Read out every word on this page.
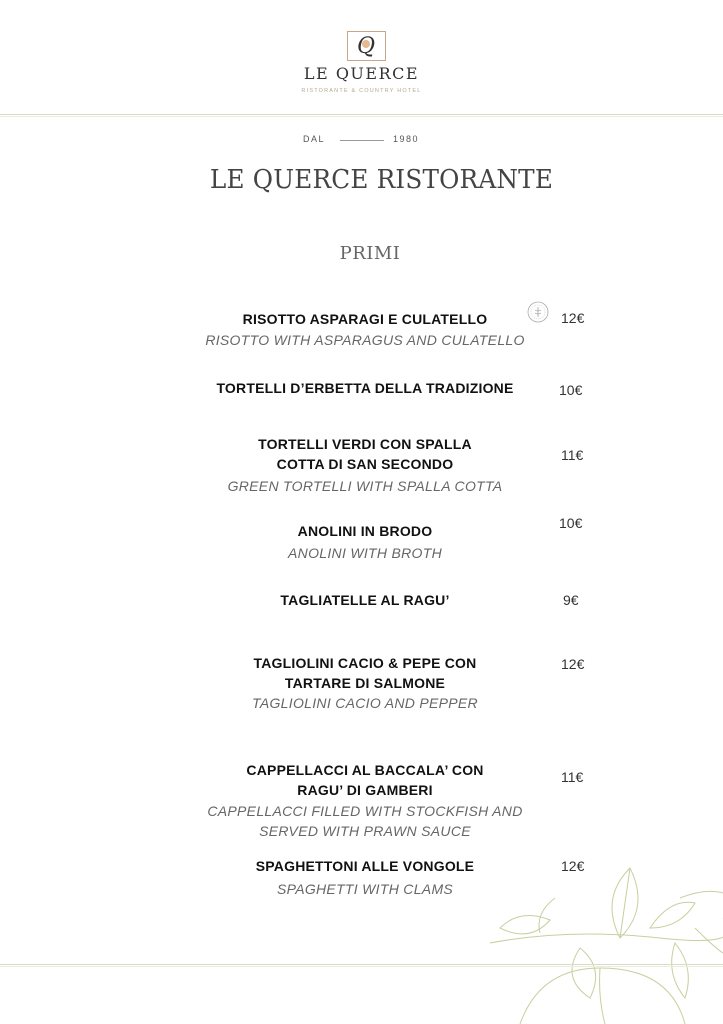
Q
LE QUERCE
RISTORANTE & COUNTRY HOTEL
DAL	1980
LE QUERCE RISTORANTE
PRIMI
RISOTTO ASPARAGI E CULATELLO
RISOTTO WITH ASPARAGUS AND CULATELLO
12€
TORTELLI D’ERBETTA DELLA TRADIZIONE	10€
TORTELLI VERDI CON SPALLA
COTTA DI SAN SECONDO
GREEN TORTELLI WITH SPALLA COTTA
11€
ANOLINI IN BRODO
ANOLINI WITH BROTH
10€
TAGLIATELLE AL RAGU’	9€
TAGLIOLINI CACIO & PEPE CON
TARTARE DI SALMONE
TAGLIOLINI CACIO AND PEPPER
12€
CAPPELLACCI AL BACCALA’ CON
RAGU’ DI GAMBERI
CAPPELLACCI FILLED WITH STOCKFISH AND
SERVED WITH PRAWN SAUCE
11€
SPAGHETTONI ALLE VONGOLE
SPAGHETTI WITH CLAMS
12€
